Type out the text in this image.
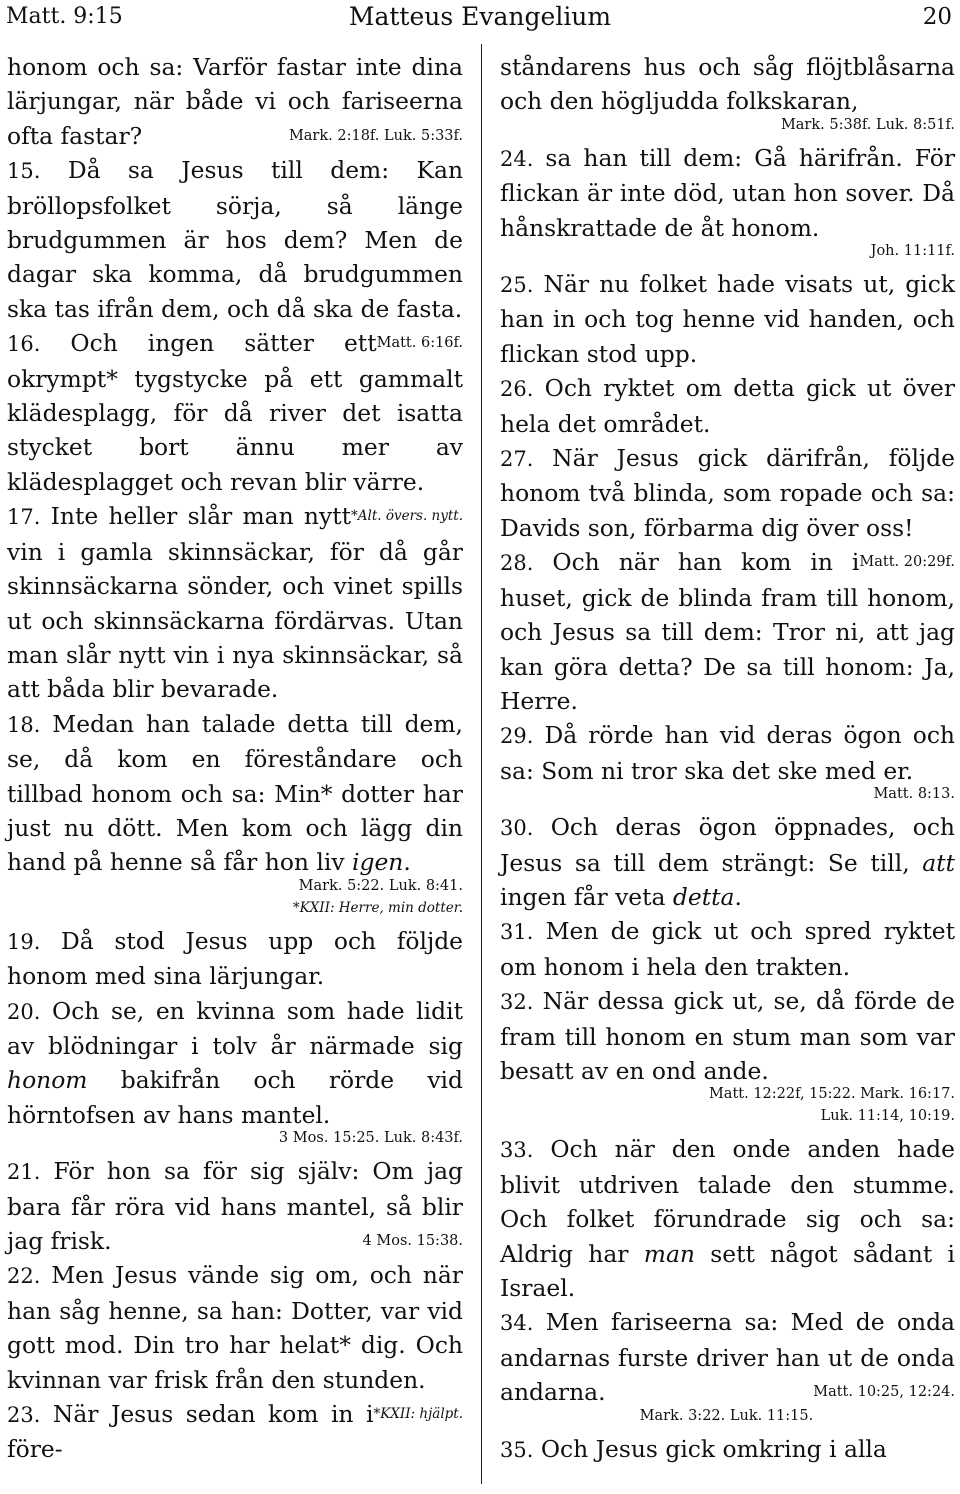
Matt. 9:15	Matteus Evangelium	20

honom och sa: Varför fastar inte dina lärjungar, när både vi och fariseerna ofta fastar?	Mark. 2:18f. Luk. 5:33f.

15. Då sa Jesus till dem: Kan bröllopsfolket sörja, så länge brudgummen är hos dem? Men de dagar ska komma, då brudgummen ska tas ifrån dem, och då ska de fasta.
Matt. 6:16f.

16. Och ingen sätter ett okrympt* tygstycke på ett gammalt klädesplagg, för då river det isatta stycket bort ännu mer av klädesplagget och revan blir värre.
*Alt. övers. nytt.

17. Inte heller slår man nytt vin i gamla skinnsäckar, för då går skinnsäckarna sönder, och vinet spills ut och skinnsäckarna fördärvas. Utan man slår nytt vin i nya skinnsäckar, så att båda blir bevarade.

18. Medan han talade detta till dem, se, då kom en föreståndare och tillbad honom och sa: Min* dotter har just nu dött. Men kom och lägg din hand på henne så får hon liv igen.

Mark. 5:22. Luk. 8:41.
*KXII: Herre, min dotter.

19. Då stod Jesus upp och följde honom med sina lärjungar.

20. Och se, en kvinna som hade lidit av blödningar i tolv år närmade sig honom bakifrån och rörde vid hörntofsen av hans mantel.

3 Mos. 15:25. Luk. 8:43f.

21. För hon sa för sig själv: Om jag bara får röra vid hans mantel, så blir jag frisk.	4 Mos. 15:38.

22. Men Jesus vände sig om, och när han såg henne, sa han: Dotter, var vid gott mod. Din tro har helat* dig. Och kvinnan var frisk från den stunden.
*KXII: hjälpt.

23. När Jesus sedan kom in i före-

ståndarens hus och såg flöjtblåsarna och den högljudda folkskaran,

Mark. 5:38f. Luk. 8:51f.

24. sa han till dem: Gå härifrån. För flickan är inte död, utan hon sover. Då hånskrattade de åt honom.

Joh. 11:11f.

25. När nu folket hade visats ut, gick han in och tog henne vid handen, och flickan stod upp.

26. Och ryktet om detta gick ut över hela det området.

27. När Jesus gick därifrån, följde honom två blinda, som ropade och sa: Davids son, förbarma dig över oss!
Matt. 20:29f.

28. Och när han kom in i huset, gick de blinda fram till honom, och Jesus sa till dem: Tror ni, att jag kan göra detta? De sa till honom: Ja, Herre.

29. Då rörde han vid deras ögon och sa: Som ni tror ska det ske med er.

Matt. 8:13.

30. Och deras ögon öppnades, och Jesus sa till dem strängt: Se till, att ingen får veta detta.

31. Men de gick ut och spred ryktet om honom i hela den trakten.

32. När dessa gick ut, se, då förde de fram till honom en stum man som var besatt av en ond ande.

Matt. 12:22f, 15:22. Mark. 16:17.
Luk. 11:14, 10:19.

33. Och när den onde anden hade blivit utdriven talade den stumme. Och folket förundrade sig och sa: Aldrig har man sett något sådant i Israel.

34. Men fariseerna sa: Med de onda andarnas furste driver han ut de onda andarna.	Matt. 10:25, 12:24.

Mark. 3:22. Luk. 11:15.

35. Och Jesus gick omkring i alla
